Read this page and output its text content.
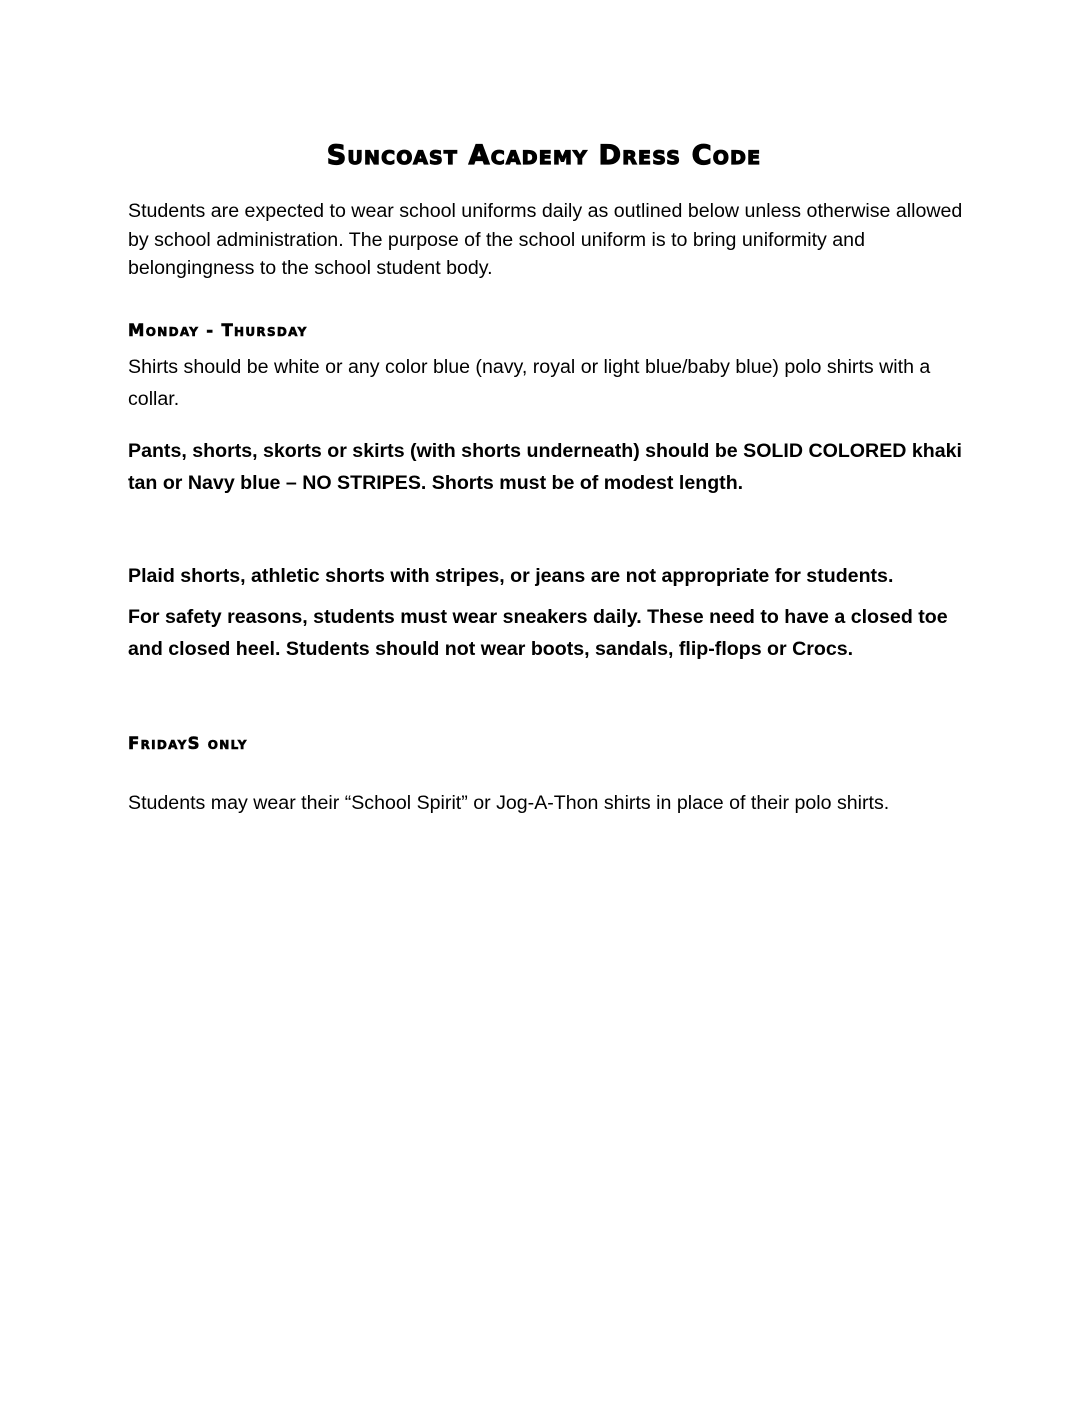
Suncoast Academy Dress Code

Students are expected to wear school uniforms daily as outlined below unless otherwise allowed by school administration. The purpose of the school uniform is to bring uniformity and belongingness to the school student body.

Monday - Thursday

Shirts should be white or any color blue (navy, royal or light blue/baby blue) polo shirts with a collar.

Pants, shorts, skorts or skirts (with shorts underneath) should be SOLID COLORED khaki tan or Navy blue – NO STRIPES. Shorts must be of modest length.

Plaid shorts, athletic shorts with stripes, or jeans are not appropriate for students.

For safety reasons, students must wear sneakers daily. These need to have a closed toe and closed heel. Students should not wear boots, sandals, flip-flops or Crocs.

FridayS only

Students may wear their “School Spirit” or Jog-A-Thon shirts in place of their polo shirts.
